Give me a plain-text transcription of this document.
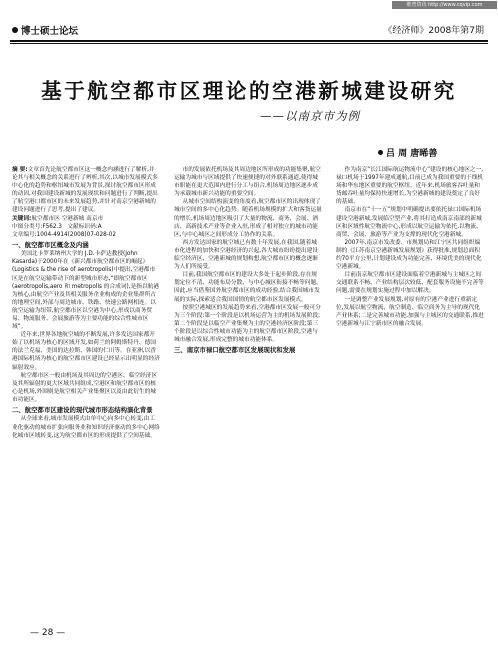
维普资讯 http://www.cqvip.com
博士硕士论坛	《经济师》2008年第7期
基于航空都市区理论的空港新城建设研究
——以南京市为例
吕 周 唐晞善

摘 要:文章首先论航空都市区这一概念内涵进行了解析,并论其与相关概念的关系进行了辨析,其次,以城市发展模式多中心化的趋势和枢纽城市发展为背景,探讨航空都市区形成的动因,对我国建设新城的发展现状和问题进行了判断,提出了航空港口都市区的未来发展趋势,并针对南京空港新城的建设问题进行了思考,提出了建议。

关键词:航空都市区 空港新城 南京市

中图分类号:F562.3 文献标识码:A

文章编号:1004-4914(2008)07-028-02

一、航空都市区概念及内涵

美国北卡罗莱纳州大学的 J.D.卡萨达教授(John Kasarda)于2000年在《新兴都市航空都市区的崛起》(Logistics & the rise of aerotropolis)中提出,空港都市区是在航空运输带动下的新型城市形态,“即航空都市区(aerotropolis,aero 和 metropolis 的合成词),是指以航港为核心,由航空产业及其相关服务企业构成的企业集群所占的地理空间,外部与周边城市、铁路、快速公路网相连。以航空运输为纽带,航空都市区以空港为中心,形成以商务贸易、物流服务、会展旅游等为主要功能的综合性城市区域”。

近年来,世界各地航空城的不断发展,许多发达国家都开始了以机场为核心的区域开发,如荷兰的阿姆斯特丹、德国的法兰克福、美国的达拉斯、韩国的仁川等。在亚洲,以香港国际机场为核心的航空都市区建设已经显示出明显的经济辐射效应。

航空都市区一般由机场及其周边的空港区、临空经济区及其所辐射的更大区域共同组成,空港区和航空都市区的核心是机场,外围则是航空相关产业集聚区以及由此衍生的城市功能区。

二、航空都市区建设的现代城市形态结构演化背景

从全球来看,城市发展模式由单中心向多中心转变,由工业化驱动的城市扩张向服务业和知识经济驱动的多中心网络化城市区域转变,这为航空都市区的形成提供了空间基础。

市的发展依托机场及其周边地区所形成的功能集聚,航空运输为城市与区域提供了快速便捷的对外联系通道,使得城市职能在更大范围内进行分工与组合,机场周边地区逐步成为承载城市新兴功能的重要空间。

从城市空间结构演变的角度看,航空都市区的出现体现了城市空间的多中心化趋势。随着机场规模的扩大和客货运量的增长,机场周边地区吸引了大量的物流、商务、会展、酒店、高新技术产业等企业入驻,形成了相对独立的城市功能区,与中心城区之间形成分工协作的关系。

西方发达国家的航空城已有数十年发展,在我国,随着城市化进程的加快和空港经济的兴起,各大城市纷纷提出建设临空经济区、空港新城的规划构想,航空都市区的概念逐渐为人们所接受。

目前,我国航空都市区的建设大多处于起步阶段,存在规划定位不清、功能布局分散、与中心城区衔接不畅等问题。因此,应当借鉴国外航空都市区的成功经验,结合我国城市发展的实际,探索适合我国国情的航空都市区发展模式。

按照空港城区的发展趋势来看,空港都市区发展一般可分为三个阶段:第一个阶段是以机场运营为主的机场发展阶段;第二个阶段是以临空产业集聚为主的空港经济区阶段;第三个阶段是以综合性城市功能为主的航空都市区阶段,空港与城市融合发展,形成完整的城市功能体系。

三、南京市禄口航空都市区发展现状和发展

作为南京“长江国际航运物流中心”建设的核心地区之一,禄口机场于1997年建成通航,目前已成为我国重要的干线机场和华东地区重要的航空枢纽。近年来,机场旅客吞吐量和货邮吞吐量均保持快速增长,为空港新城的建设奠定了良好的基础。

南京市在“十一五”规划中明确提出要依托禄口国际机场建设空港新城,发展临空型产业,将其打造成南京南部的新城区和区域性航空物流中心,形成以航空运输为依托,以物流、商贸、会展、旅游等产业为支撑的现代化空港新城。

2007年,南京市发改委、市规划局和江宁区共同组织编制的《江苏南京空港新城发展规划》获得批准,规划总面积约70平方公里,计划建设成为功能完善、环境优美的现代化空港新城。

目前南京航空都市区建设面临着空港新城与主城区之间交通联系不畅、产业结构层次较低、配套服务设施不完善等问题,需要在规划实施过程中加以解决。

一是调整产业发展规划,对原有的空港产业进行重新定位,发展以航空物流、航空制造、临空商务为主导的现代化产业体系;二是完善城市功能,加强与主城区的交通联系,推进空港新城与江宁新市区的融合发展。

— 28 —
